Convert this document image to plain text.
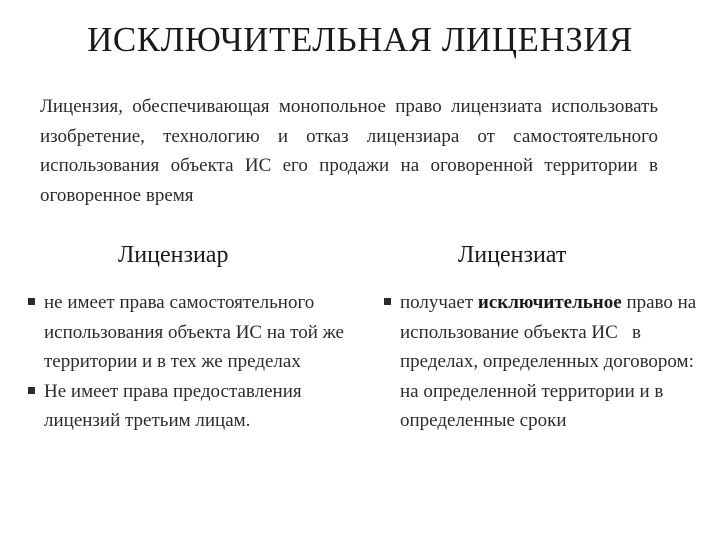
ИСКЛЮЧИТЕЛЬНАЯ ЛИЦЕНЗИЯ
Лицензия, обеспечивающая монопольное право лицензиата использовать изобретение, технологию и отказ лицензиара от самостоятельного использования объекта ИС его продажи на оговоренной территории в оговоренное время
Лицензиар	Лицензиат

не имеет права самостоятельного использования объекта ИС на той же территории и в тех же пределах

Не имеет права предоставления лицензий третьим лицам.

получает исключительное право на использование объекта ИС   в пределах, определенных договором: на определенной территории и в определенные сроки
